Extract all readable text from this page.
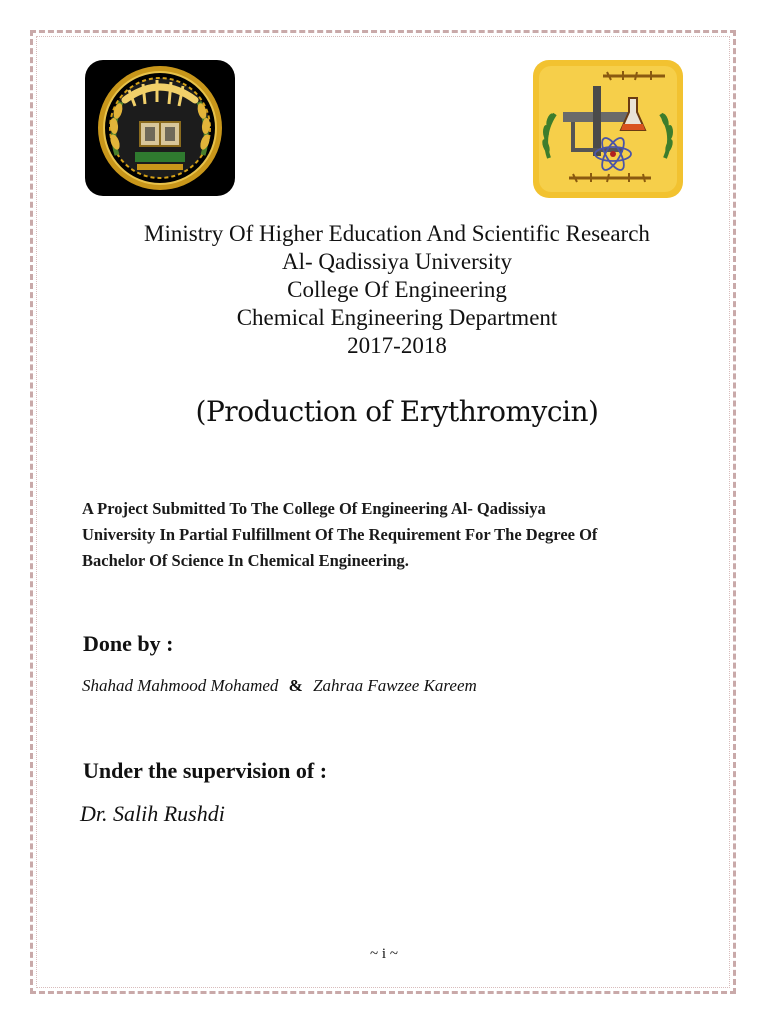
Ministry Of Higher Education And Scientific Research
Al- Qadissiya University
College Of Engineering
Chemical Engineering Department
2017-2018
(Production of Erythromycin)
A Project Submitted To The College Of Engineering Al- Qadissiya
University In Partial Fulfillment Of The Requirement For The Degree Of
Bachelor Of Science In Chemical Engineering.
Done by :
Shahad Mahmood Mohamed & Zahraa Fawzee Kareem
Under the supervision of :
Dr. Salih Rushdi
~ i ~
